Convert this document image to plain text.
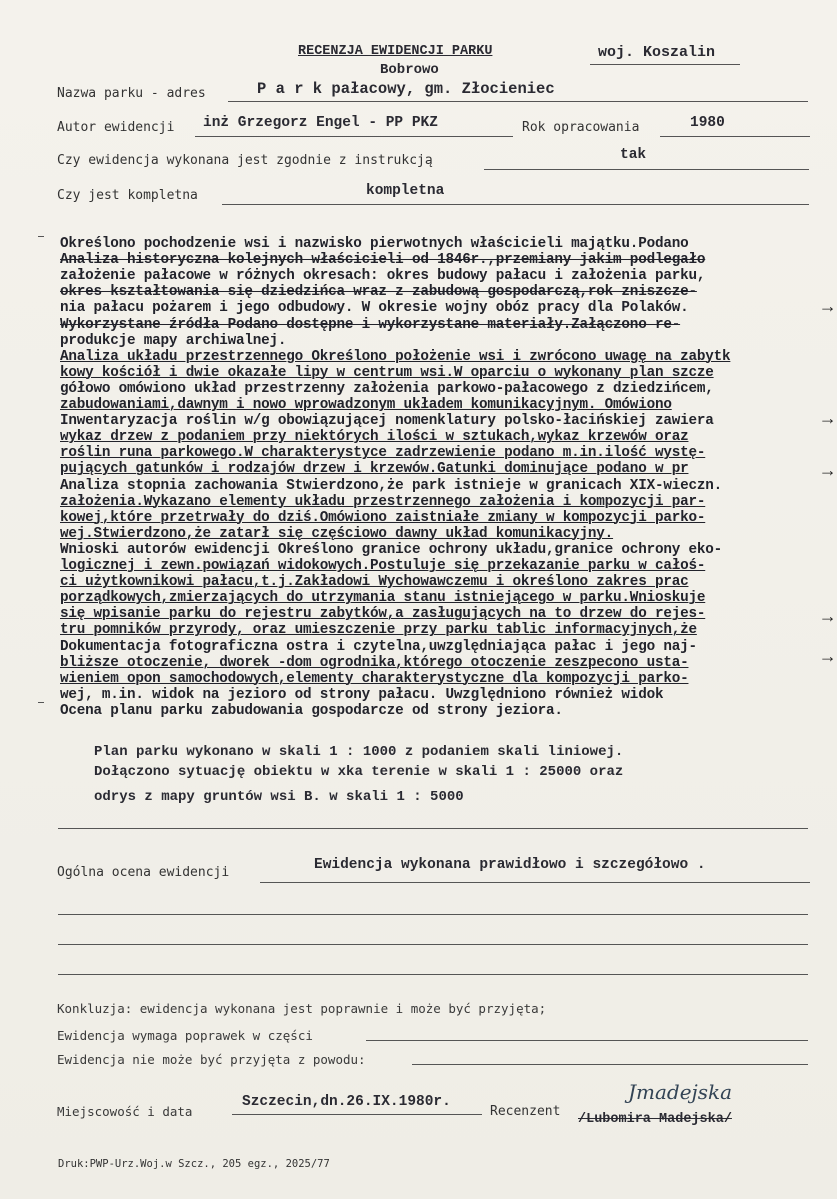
RECENZJA EWIDENCJI PARKU	woj. Koszalin
Bobrowo
Nazwa parku - adres	P a r k pałacowy, gm. Złocieniec
Autor ewidencji inż Grzegorz Engel - PP PKZ	Rok opracowania	1980
Czy ewidencja wykonana jest zgodnie z instrukcją	tak
Czy jest kompletna	kompletna
Określono pochodzenie wsi i nazwisko pierwotnych właścicieli majątku.Podano
Analiza historyczna kolejnych właścicieli od 1846r.,przemiany jakim podlegało
założenie pałacowe w różnych okresach: okres budowy pałacu i założenia parku,
okres kształtowania się dziedzińca wraz z zabudową gospodarczą,rok zniszcze-
nia pałacu pożarem i jego odbudowy. W okresie wojny obóz pracy dla Polaków.
Wykorzystane źródła Podano dostępne i wykorzystane materiały.Załączono re-
produkcje mapy archiwalnej.
Analiza układu przestrzennego Określono położenie wsi i zwrócono uwagę na zabytk
kowy kościół i dwie okazałe lipy w centrum wsi.W oparciu o wykonany plan szcze
gółowo omówiono układ przestrzenny założenia parkowo-pałacowego z dziedzińcem,
zabudowaniami,dawnym i nowo wprowadzonym układem komunikacyjnym. Omówiono
Inwentaryzacja roślin w/g obowiązującej nomenklatury polsko-łacińskiej zawiera
wykaz drzew z podaniem przy niektórych ilości w sztukach,wykaz krzewów oraz
roślin runa parkowego.W charakterystyce zadrzewienie podano m.in.ilość wystę-
pujących gatunków i rodzajów drzew i krzewów.Gatunki dominujące podano w pr
Analiza stopnia zachowania Stwierdzono,że park istnieje w granicach XIX-wieczn.
założenia.Wykazano elementy układu przestrzennego założenia i kompozycji par-
kowej,które przetrwały do dziś.Omówiono zaistniałe zmiany w kompozycji parko-
wej.Stwierdzono,że zatarł się częściowo dawny układ komunikacyjny.
Wnioski autorów ewidencji Określono granice ochrony układu,granice ochrony eko-
logicznej i zewn.powiązań widokowych.Postuluje się przekazanie parku w całoś-
ci użytkownikowi pałacu,t.j.Zakładowi Wychowawczemu i określono zakres prac
porządkowych,zmierzających do utrzymania stanu istniejącego w parku.Wnioskuje
się wpisanie parku do rejestru zabytków,a zasługujących na to drzew do rejes-
tru pomników przyrody, oraz umieszczenie przy parku tablic informacyjnych,że
Dokumentacja fotograficzna ostra i czytelna,uwzględniająca pałac i jego naj-
bliższe otoczenie, dworek -dom ogrodnika,którego otoczenie zeszpecono usta-
wieniem opon samochodowych,elementy charakterystyczne dla kompozycji parko-
wej, m.in. widok na jezioro od strony pałacu. Uwzględniono również widok
Ocena planu parku zabudowania gospodarcze od strony jeziora.
→
→
→
→
→
Plan parku wykonano w skali 1 : 1000 z podaniem skali liniowej.
Dołączono sytuację obiektu w xka terenie w skali 1 : 25000 oraz
odrys z mapy gruntów wsi B. w skali 1 : 5000
Ogólna ocena ewidencji	Ewidencja wykonana prawidłowo i szczegółowo .
Konkluzja: ewidencja wykonana jest poprawnie i może być przyjęta;
Ewidencja wymaga poprawek w części
Ewidencja nie może być przyjęta z powodu:
Miejscowość i data
Szczecin,dn.26.IX.1980r.
Recenzent
/Lubomira Madejska/
Jmadejska
Druk:PWP-Urz.Woj.w Szcz., 205 egz., 2025/77
